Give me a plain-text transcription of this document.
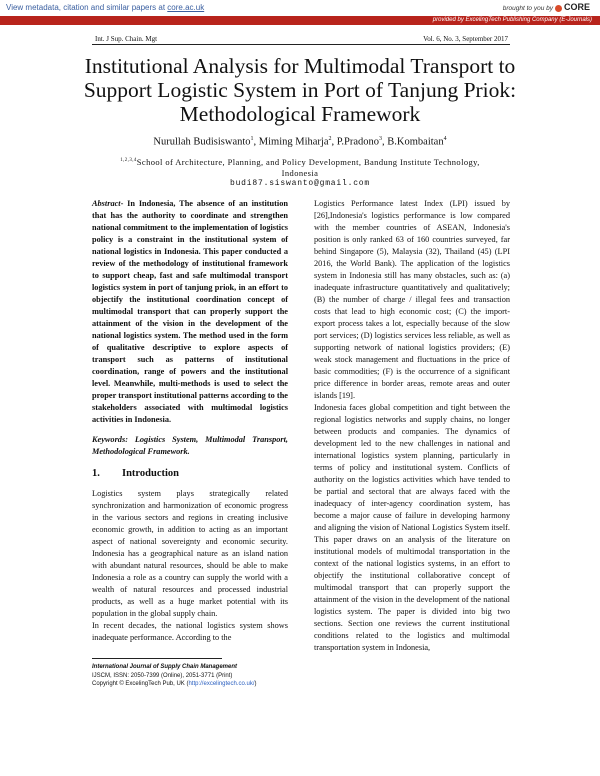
View metadata, citation and similar papers at core.ac.uk	brought to you by CORE
provided by ExcelingTech Publishing Company (E-Journals)
Int. J Sup. Chain. Mgt	Vol. 6, No. 3, September 2017
Institutional Analysis for Multimodal Transport to Support Logistic System in Port of Tanjung Priok: Methodological Framework
Nurullah Budisiswanto$^1$, Miming Miharja$^2$, P.Pradono$^3$, B.Kombaitan$^4$
$^{1,2,3,4}$School of Architecture, Planning, and Policy Development, Bandung Institute Technology, Indonesia
budi87.siswanto@gmail.com
Abstract- In Indonesia, The absence of an institution that has the authority to coordinate and strengthen national commitment to the implementation of logistics policy is a constraint in the institutional system of national logistics in Indonesia. This paper conducted a review of the methodology of institutional framework to support cheap, fast and safe multimodal transport logistics system in port of tanjung priok, in an effort to objectify the institutional coordination concept of multimodal transport that can properly support the attainment of the vision in the development of the national logistics system. The method used in the form of qualitative descriptive to explore aspects of transport such as patterns of institutional coordination, range of powers and the institutional level. Meanwhile, multi-methods is used to select the proper transport institutional patterns according to the stakeholders associated with multimodal logistics activities in Indonesia.
Keywords: Logistics System, Multimodal Transport, Methodological Framework.
1. Introduction

Logistics system plays strategically related synchronization and harmonization of economic progress in the various sectors and regions in creating inclusive economic growth, in addition to acting as an important aspect of national sovereignty and economic security. Indonesia has a geographical nature as an island nation with abundant natural resources, should be able to make Indonesia a role as a country can supply the world with a wealth of natural resources and processed industrial products, as well as a huge market potential with its population in the global supply chain.

In recent decades, the national logistics system shows inadequate performance. According to the

Logistics Performance latest Index (LPI) issued by [26],Indonesia's logistics performance is low compared with the member countries of ASEAN, Indonesia's position is only ranked 63 of 160 countries surveyed, far behind Singapore (5), Malaysia (32), Thailand (45) (LPI 2016, the World Bank). The application of the logistics system in Indonesia still has many obstacles, such as: (a) inadequate infrastructure quantitatively and qualitatively; (B) the number of charge / illegal fees and transaction costs that lead to high economic cost; (C) the import-export process takes a lot, especially because of the slow port services; (D) logistics services less reliable, as well as supporting network of national logistics providers; (E) weak stock management and fluctuations in the price of basic commodities; (F) is the occurrence of a significant price difference in border areas, remote areas and outer islands [19].

Indonesia faces global competition and tight between the regional logistics networks and supply chains, no longer between products and companies. The dynamics of development led to the new challenges in national and international logistics system planning, particularly in terms of policy and institutional system. Conflicts of authority on the logistics activities which have tended to be partial and sectoral that are always faced with the inadequacy of inter-agency coordination system, has become a major cause of failure in developing harmony and aligning the vision of National Logistics System itself. This paper draws on an analysis of the literature on institutional models of multimodal transportation in the context of the national logistics systems, in an effort to objectify the institutional collaborative concept of multimodal transport that can properly support the attainment of the vision in the development of the national logistics system. The paper is divided into big two sections. Section one reviews the current institutional conditions related to the logistics and multimodal transportation system in Indonesia,

International Journal of Supply Chain Management
IJSCM, ISSN: 2050-7399 (Online), 2051-3771 (Print)
Copyright © ExcelingTech Pub, UK (http://excelingtech.co.uk/)
